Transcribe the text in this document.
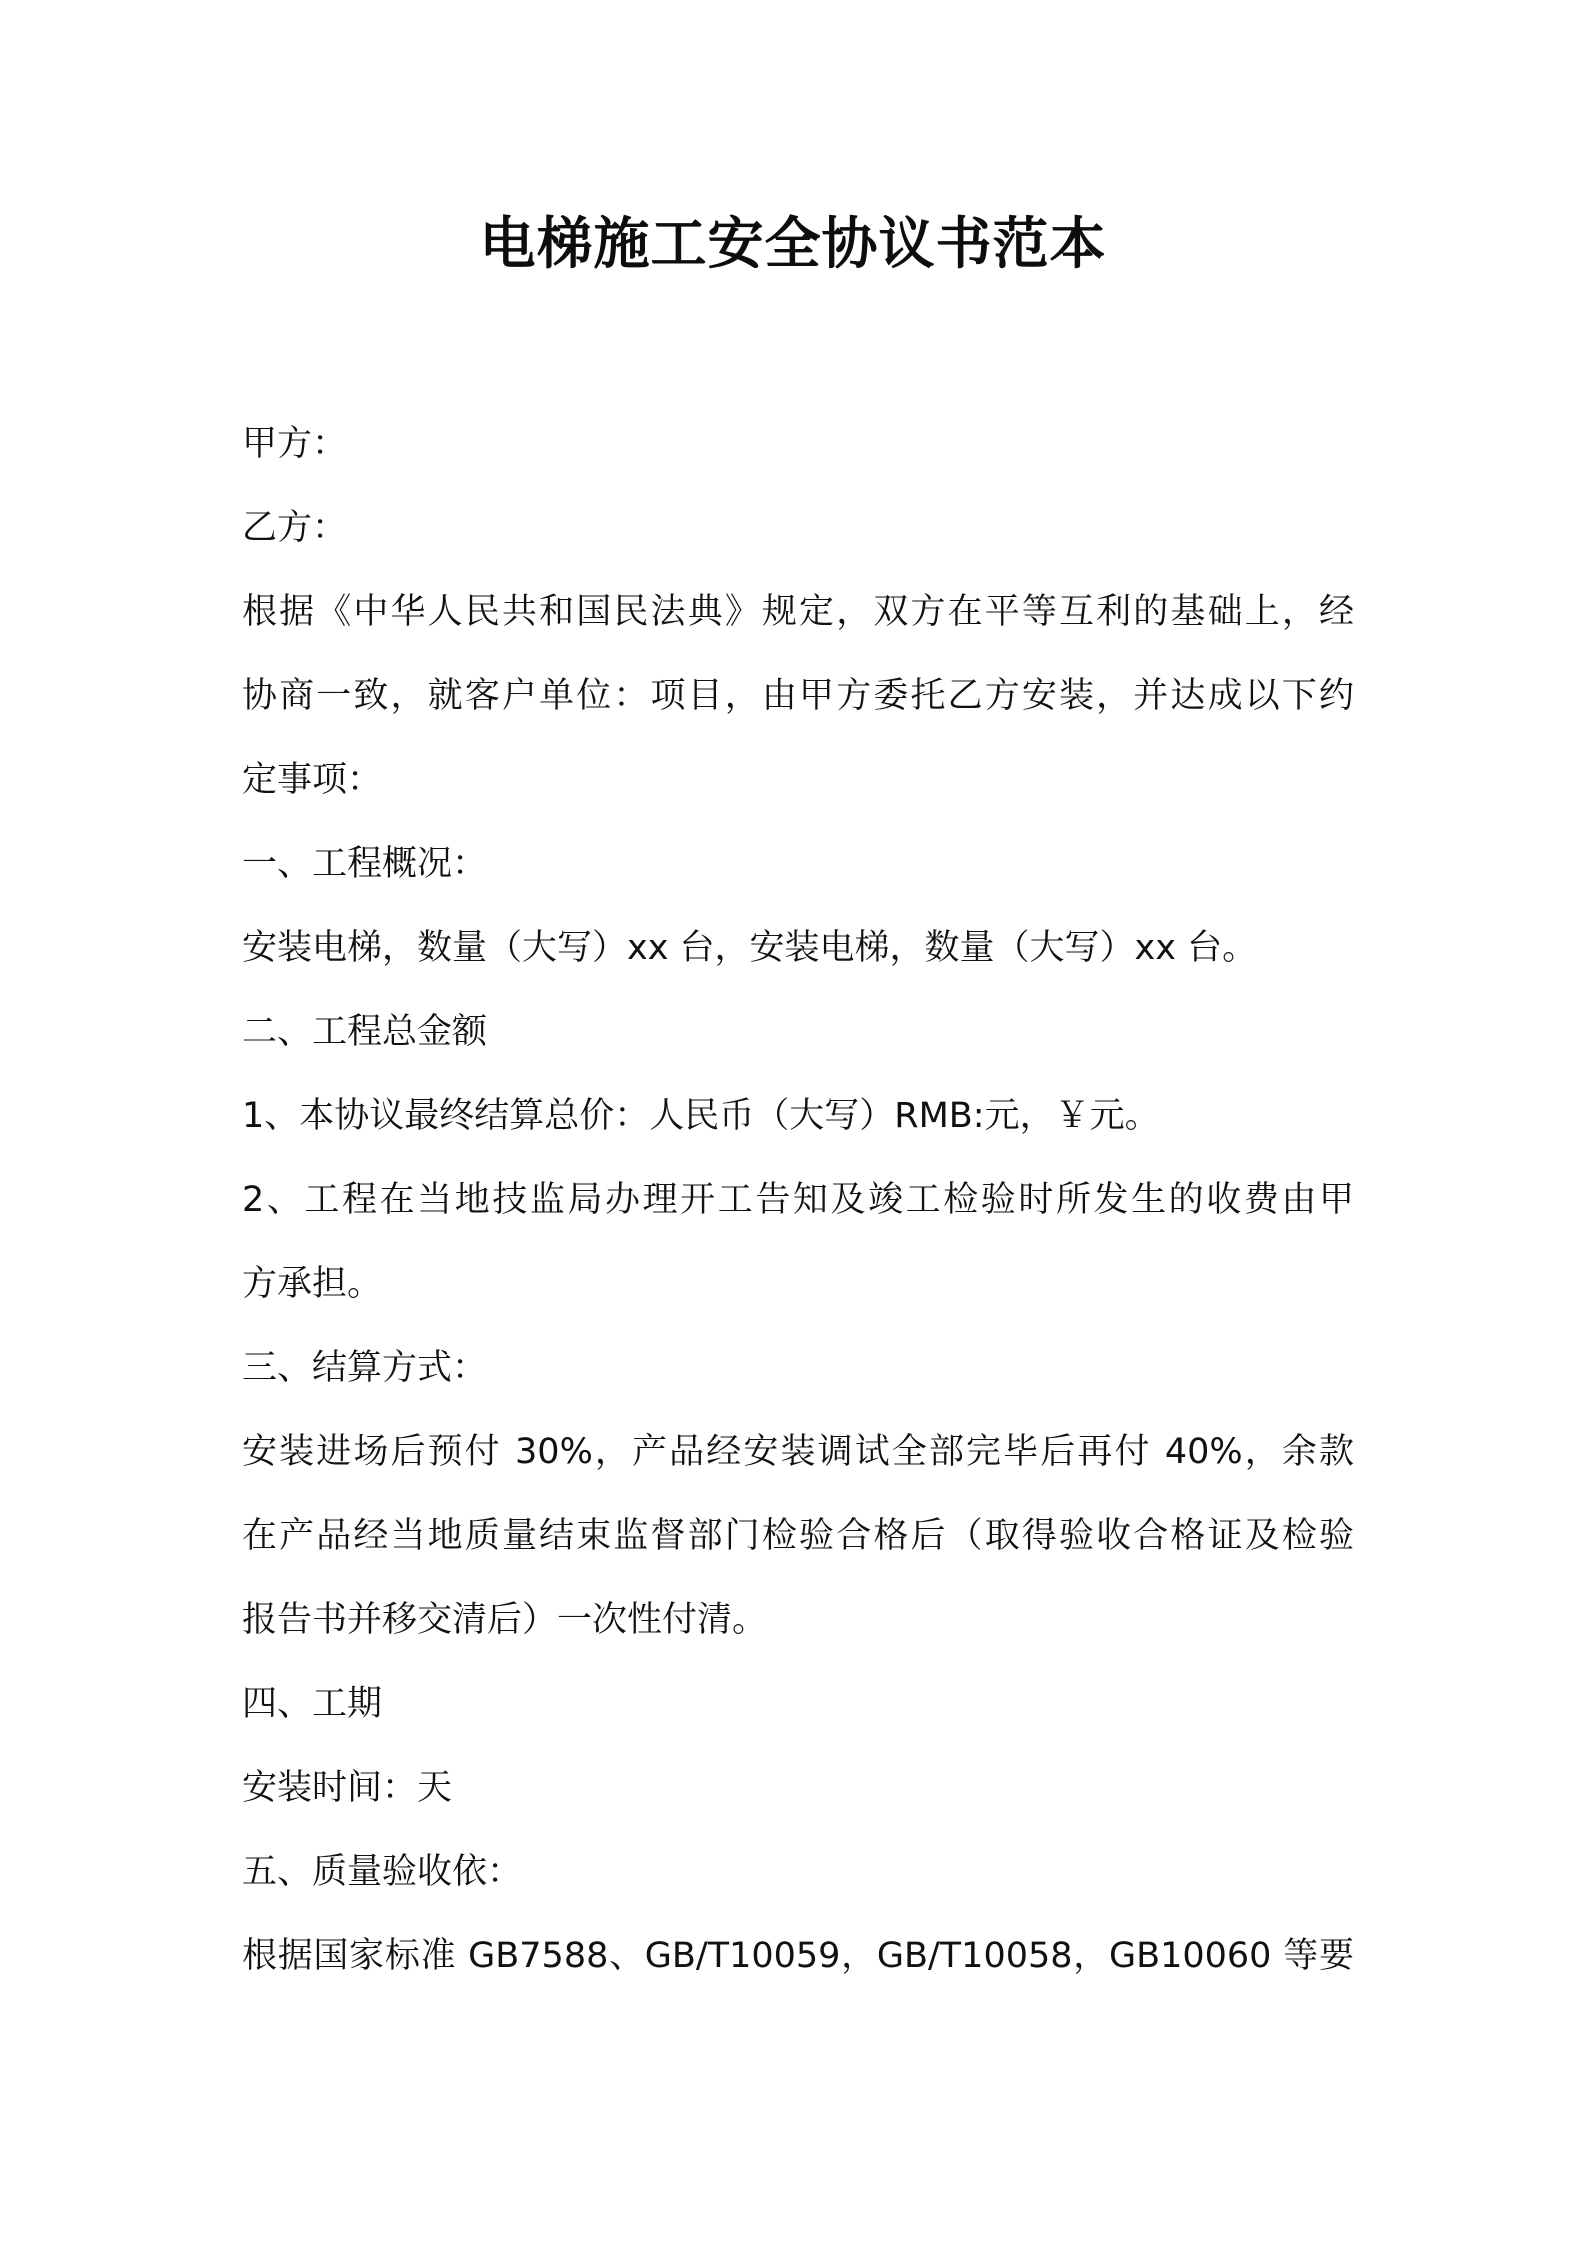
电梯施工安全协议书范本
甲方：
乙方：
根据《中华人民共和国民法典》规定，双方在平等互利的基础上，经
协商一致，就客户单位：项目，由甲方委托乙方安装，并达成以下约
定事项：
一、工程概况：
安装电梯，数量（大写）xx 台，安装电梯，数量（大写）xx 台。
二、工程总金额
1、本协议最终结算总价：人民币（大写）RMB:元，￥元。
2、工程在当地技监局办理开工告知及竣工检验时所发生的收费由甲
方承担。
三、结算方式：
安装进场后预付 30%，产品经安装调试全部完毕后再付 40%，余款
在产品经当地质量结束监督部门检验合格后（取得验收合格证及检验
报告书并移交清后）一次性付清。
四、工期
安装时间：天
五、质量验收依：
根据国家标准 GB7588、GB/T10059，GB/T10058，GB10060 等要
